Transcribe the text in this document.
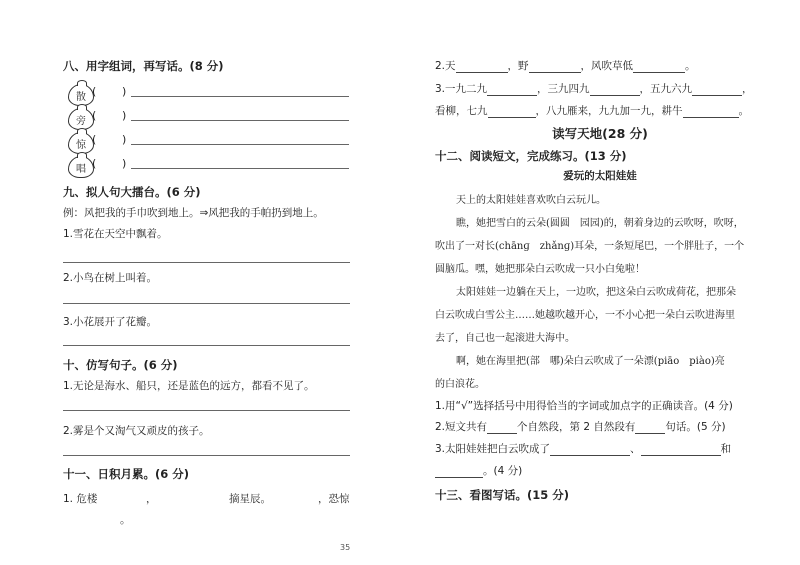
八、用字组词，再写话。(8 分)
散 ( )
旁 ( )
惊 ( )
唱 ( )
九、拟人句大擂台。(6 分)
例：风把我的手巾吹到地上。⇒风把我的手帕扔到地上。
1.雪花在天空中飘着。
2.小鸟在树上叫着。
3.小花展开了花瓣。
十、仿写句子。(6 分)
1.无论是海水、船只，还是蓝色的远方，都看不见了。
2.雾是个又淘气又顽皮的孩子。
十一、日积月累。(6 分)
1. 危楼	，	摘星辰。	，恐惊
。
35
2.天	，野	，风吹草低	。
3.一九二九	，三九四九	，五九六九	，
看柳，七九	，八九雁来，九九加一九，耕牛	。
读写天地(28 分)
十二、阅读短文，完成练习。(13 分)
爱玩的太阳娃娃
天上的太阳娃娃喜欢吹白云玩儿。
瞧，她把雪白的云朵(圆圆　园园)的，朝着身边的云吹呀，吹呀，
吹出了一对长(chānɡ　zhǎnɡ)耳朵，一条短尾巴，一个胖肚子，一个
圆脑瓜。嘿，她把那朵白云吹成一只小白兔啦！
太阳娃娃一边躺在天上，一边吹，把这朵白云吹成荷花，把那朵
白云吹成白雪公主……她越吹越开心，一不小心把一朵白云吹进海里
去了，自己也一起滚进大海中。
啊，她在海里把(部　哪)朵白云吹成了一朵漂(piāo　piào)亮
的白浪花。
1.用“√”选择括号中用得恰当的字词或加点字的正确读音。(4 分)
2.短文共有	个自然段，第 2 自然段有	句话。(5 分)
3.太阳娃娃把白云吹成了	、	和
。(4 分)
十三、看图写话。(15 分)
